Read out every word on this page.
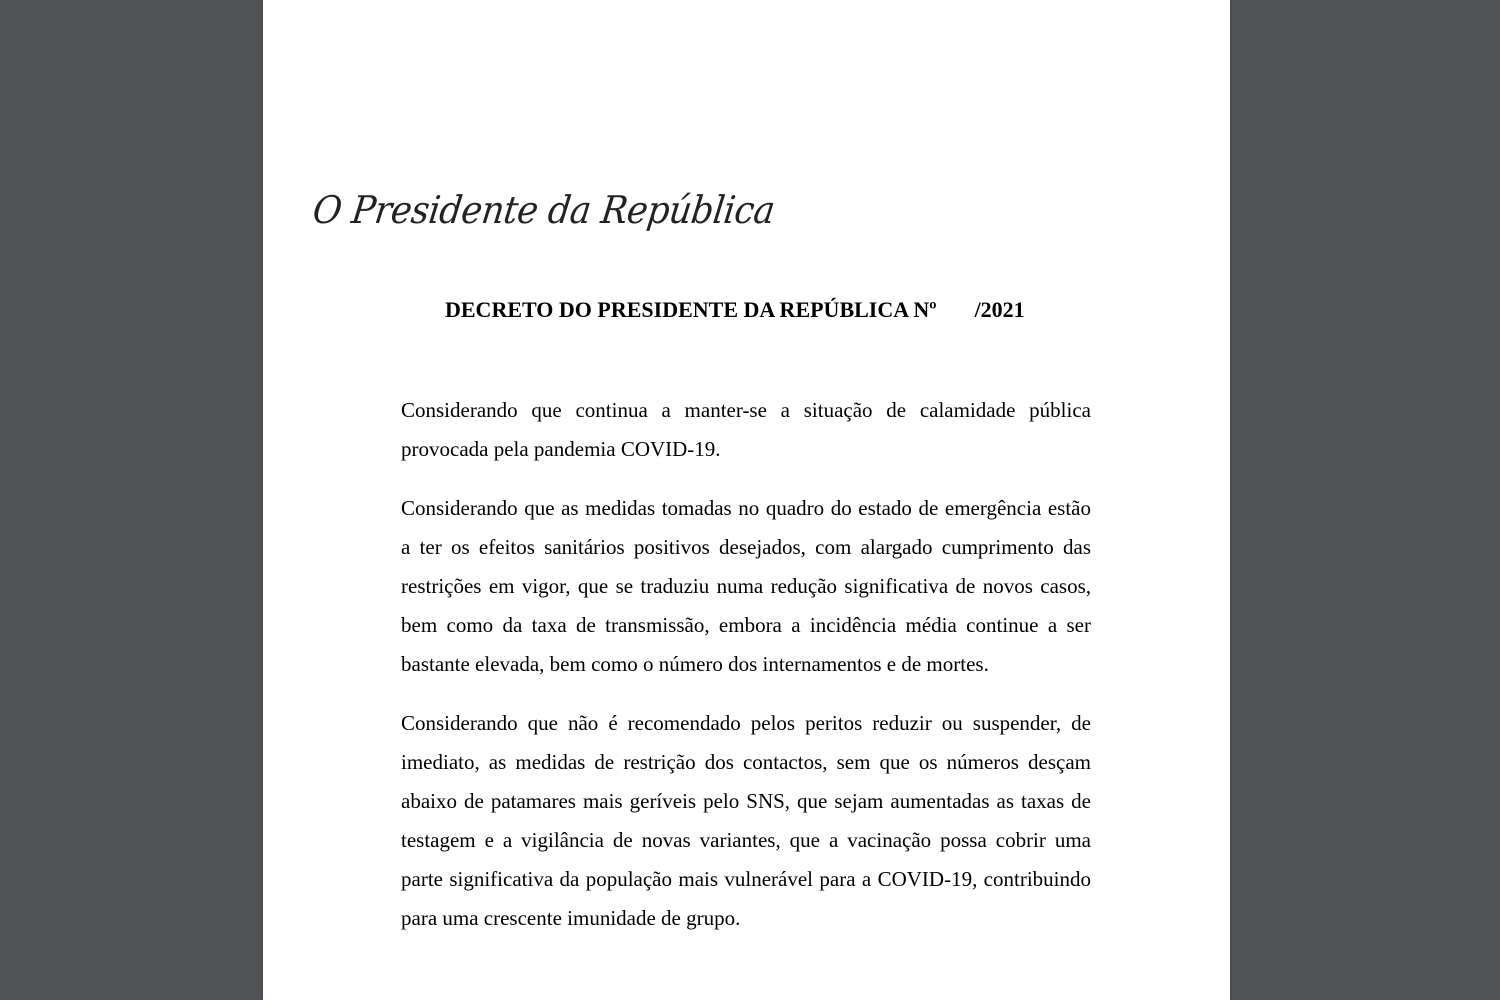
O Presidente da República
DECRETO DO PRESIDENTE DA REPÚBLICA Nº /2021

Considerando que continua a manter-se a situação de calamidade pública provocada pela pandemia COVID-19.

Considerando que as medidas tomadas no quadro do estado de emergência estão a ter os efeitos sanitários positivos desejados, com alargado cumprimento das restrições em vigor, que se traduziu numa redução significativa de novos casos, bem como da taxa de transmissão, embora a incidência média continue a ser bastante elevada, bem como o número dos internamentos e de mortes.

Considerando que não é recomendado pelos peritos reduzir ou suspender, de imediato, as medidas de restrição dos contactos, sem que os números desçam abaixo de patamares mais geríveis pelo SNS, que sejam aumentadas as taxas de testagem e a vigilância de novas variantes, que a vacinação possa cobrir uma parte significativa da população mais vulnerável para a COVID-19, contribuindo para uma crescente imunidade de grupo.
